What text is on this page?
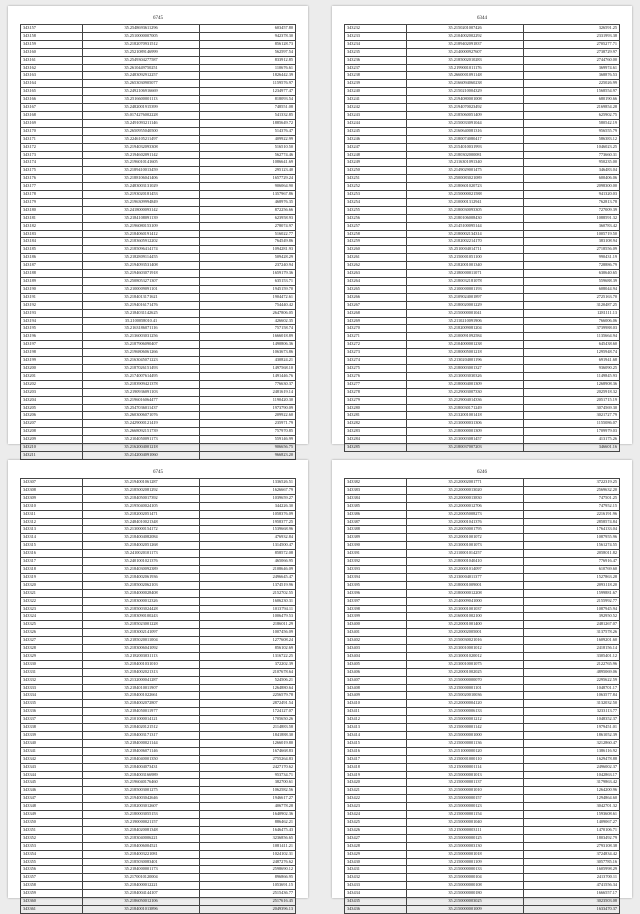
6745
343157	35.2548693611296	603457.80
343158	35.2510000007005	942378.30
343159	35.2182070931512	856128.73
343160	35.2521089146999	562597.54
343161	35.2549304277587	833912.85
343162	35.2610449750251	110676.61
343163	35.2483092912257	1826442.39
343164	35.2653030905077	1159576.97
343165	35.2492106916669	1234977.47
343166	35.2516600001113	818093.54
343167	35.2482001915399	748551.08
343168	35.0174276002228	541332.85
343169	35.2491093211146	1885649.72
343170	35.2650955040500	514376.47
343171	35.2246105211497	409922.99
343172	35.2194032093308	516510.50
343173	35.2194602091142	562774.46
343174	35.2196010141605	1086641.69
343175	35.2189410013459	295123.40
343176	35.2188106041406	1657729.24
343177	35.2483003131029	906064.90
343178	35.2193020181453	1357967.86
343179	35.2196309994849	468976.35
343180	35.2418000093142	872256.66
343181	35.2184108091139	623958.93
343182	35.2196080153109	278074.97
343183	35.2184060191412	516022.77
343184	35.2183605912202	764549.86
343185	35.2185096414174	1094281.93
343186	35.2182809114455	509428.29
343187	35.2194093531408	237240.94
343188	35.2194603071918	1659179.36
343189	35.2508053271307	635153.71
343190	35.2100009091101	1945159.70
343191	35.2184013171621	1904472.61
343192	35.2194016171476	754440.42
343193	35.2184031142625	2647806.05
343194	35.2100058010.41	426602.35
343195	35.2163186071116	757158.74
343196	35.2136003031256	1666018.89
343197	35.2187906090407	1490806.36
343198	35.2196806061266	1063673.86
343199	35.2163045071223	430824.21
343200	35.2187026151493	1497568.10
343201	35.2174007614495	1491446.76
343202	35.2183909421378	776630.37
343203	35.2190936091103	2481619.14
343204	35.2196016064477	1190420.30
343205	35.2547036011437	1973790.09
343206	35.2603006071076	209922.60
343207	35.2429000121419	235971.79
343208	35.2668092151739	757970.85
343209	35.2104050091173	559146.99
343210	35.2162004001218	906656.75
343211	35.2142004091060	966823.20
6344
343232	35.2150201007426	326591.25
343233	35.2104002002292	2331993.38
343234	35.2189402091837	2705277.71
343235	35.2140000927607	2738729.97
343236	35.2185002010283	2744760.00
343237	35.2199001011176	369974.61
343238	35.2660001091148	368876.53
343239	35.2166094060238	225026.99
343240	35.2150210004329	1568554.97
343241	35.2194080001008	680190.66
343242	35.2194070023492	2169854.28
343243	35.2185060051409	625902.75
343244	35.2150033091044	580542.19
343245	35.2160640081316	956555.79
343246	35.2180074080417	586383.12
343247	35.2154010031993	1046023.25
343248	35.2180302000081	773660.31
343249	35.2116301091340	950235.00
343250	35.2149029001475	346483.04
343251	35.2500083021089	600406.06
343252	35.2180601020723	2098300.00
343253	35.2150000021588	941320.03
343254	35.2100001312941	762813.78
343255	35.2180030093305	727009.39
343256	35.2180106008430	1088591.32
343257	35.2145100095144	360783.42
343258	35.2180002134314	1005719.50
343259	35.2182002214170	383108.94
343260	35.2510004014711	2718556.09
343261	35.2150001051100	990431.19
343262	35.2182001001340	728886.79
343263	35.2180000011071	630640.65
343264	35.2180032181078	559688.39
343265	35.2100000001193	608044.94
343266	35.2109024001897	2725163.70
343267	35.2180020001229	3120487.25
343268	35.2150000001041	1281111.13
343269	35.2110210091906	766006.06
343270	35.2182009081204	3739988.03
343271	35.2100091092584	1135664.94
343272	35.2104000001238	645438.60
343273	35.2180005001218	1295948.74
343274	35.2130204001196	691941.68
343275	35.2180003001327	936090.25
343276	35.2130003030326	1149845.93
343277	35.2180004001309	1268908.36
343278	35.2129003007330	2025918.32
343279	35.2129004014336	2051715.19
343280	35.2180030171249	3074569.30
343281	35.2132001001418	3021727.79
343282	35.2130000031306	1155086.07
343283	35.2180000001309	1709979.03
343284	35.2130003081457	413175.26
343285	35.2180037007203	346601.16
6745
343307	35.2194001061287	1336526.51
343308	35.2185002081292	1626667.79
343309	35.2184050017392	1039659.27
343310	35.2195040024105	344226.30
343311	35.2182002051471	1058376.09
343312	35.2484010021348	1958377.25
343313	35.2130000154172	1539668.96
343314	35.2184004082084	476932.84
343315	35.2184002051268	1314500.47
343316	35.2410020101173	858572.08
343317	35.2401001021376	465066.95
343318	35.2184030092389	2108646.09
343319	35.2184002061936	2496645.47
343320	35.2185002062103	1374519.96
343321	35.2184000028408	2152702.55
343322	35.2183000012326	1606230.31
343323	35.2185003024428	1013794.11
343324	35.2183090100243	1006479.53
343325	35.2185023001228	2186011.29
343326	35.2183002141097	1007456.09
343327	35.2185020011004	1277608.24
343328	35.2183006041092	856102.69
343329	35.2182003031113	1316722.25
343330	35.2184001031010	372202.39
343331	35.2184002021313	2107678.64
343332	35.2132000041287	524506.21
343333	35.2184010011907	1264880.64
343334	35.2184001022661	2256579.78
343335	35.2184002072807	2872491.54
343336	35.2184050011977	1724127.07
343337	35.2101000014121	1705650.26
343338	35.2184020121512	2114883.58
343339	35.2184003171317	1841888.30
343340	35.2184000021144	1266019.80
343341	35.2184006071146	1674668.83
343342	35.2184040001350	2755264.83
343343	35.2184004073431	2427170.62
343344	35.2184003166989	953734.71
343345	35.2196040176460	382700.61
343346	35.2185003001275	1062582.56
343347	35.2194003042646	1946617.27
343348	35.2182003012607	406778.28
343349	35.2180003055153	1640902.36
343350	35.2190000021157	886462.21
343351	35.2184020081348	1646475.43
343352	35.2183040006221	3236856.65
343353	35.2184006004521	1081411.21
343354	35.2184003221081	1024102.31
343355	35.2185030083401	2487276.62
343356	35.2184000001173	2598690.12
343357	35.2170010120004	896866.95
343358	35.2184000012221	1053691.15
343359	35.2184004144107	2515436.77
343360	35.2186050012106	2517616.45
343361	35.2184001013896	2049396.13
6246
343382	35.2120002001771	3722319.25
343383	35.2120000013020	2569632.20
343384	35.2120000013830	747501.25
343385	35.2120000012706	747952.15
343386	35.2120005008273	2216191.96
343387	35.2120001041376	2858574.84
343388	35.2120050001795	1764133.04
343389	35.2120001001072	1087955.96
343390	35.2130001001073	1561274.55
343391	35.2110001014257	2058011.82
343392	35.2180001040410	776916.47
343393	35.2120001014097	610769.60
343394	35.2130004011377	1527863.28
343395	35.2180001009001	2093118.20
343396	35.2180000012208	1599881.67
343397	35.2140009041000	2155992.77
343398	35.2130001001037	1087945.94
343399	35.2160001002100	392950.52
343400	35.2120001001400	2481267.07
343401	35.2120002005001	3137578.26
343402	35.2150030021016	1609201.60
343403	35.2130010001012	2418156.14
343404	35.2130001020012	3305401.12
343405	35.2130010001075	2122765.96
343406	35.2120001002025	4895069.06
343407	35.2150000000070	2295622.59
343408	35.2150000001101	1048701.17
343409	35.2150020010036	1063577.84
343410	35.2120000004120	3132032.50
343411	35.2150000006133	3233113.77
343412	35.2150000001212	1048352.37
343413	35.2150000001142	1979451.01
343414	35.2150000001000	1861052.39
343415	35.2150000001136	3212860.47
343416	35.2151000000120	1386116.92
343417	35.2150001000110	1629478.88
343418	35.2150000001114	2496002.37
343419	35.2150000001013	1042863.17
343420	35.2150000001137	3179863.42
343421	35.2150000001010	1264200.96
343422	35.2150000000157	1294864.60
343423	35.2150000000123	3042701.32
343424	35.2150000001154	1593608.61
343425	35.2150000001040	1409067.27
343426	35.2150000003111	1470106.71
343427	35.2150000000125	1803492.79
343428	35.2150000003130	2793108.38
343429	35.2150000001018	3724834.42
343430	35.2150000001109	3057785.16
343431	35.2150000000133	1605998.29
343432	35.2150000000104	2413700.11
343433	35.2150000000108	4741556.34
343434	35.2150000000180	1666557.17
343435	35.2150000003025	3023503.08
343436	35.2150000001009	1633470.37
